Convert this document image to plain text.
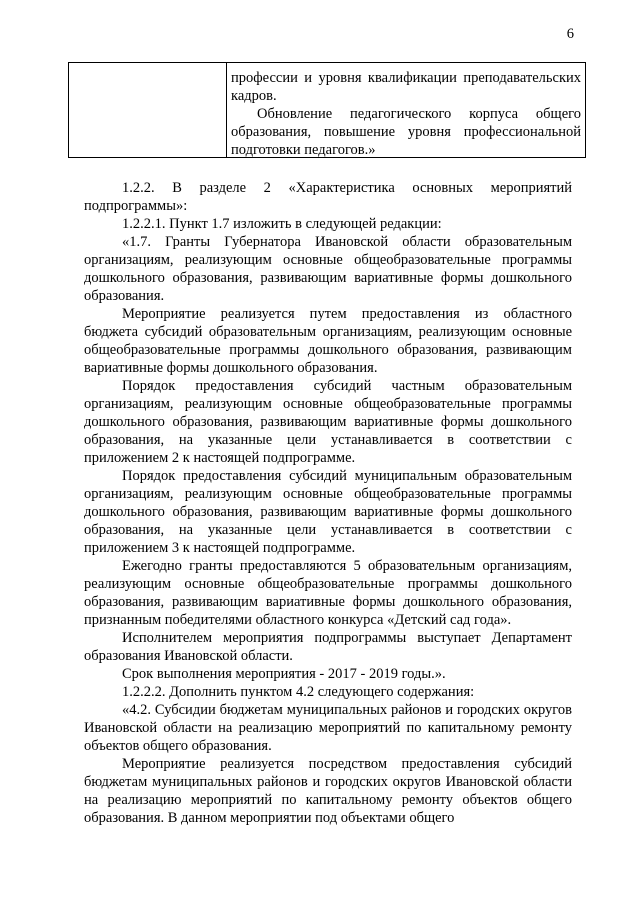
6

профессии и уровня квалификации преподавательских кадров.

Обновление педагогического корпуса общего образования, повышение уровня профессиональной подготовки педагогов.»

1.2.2. В разделе 2 «Характеристика основных мероприятий подпрограммы»:

1.2.2.1. Пункт 1.7 изложить в следующей редакции:

«1.7. Гранты Губернатора Ивановской области образовательным организациям, реализующим основные общеобразовательные программы дошкольного образования, развивающим вариативные формы дошкольного образования.

Мероприятие реализуется путем предоставления из областного бюджета субсидий образовательным организациям, реализующим основные общеобразовательные программы дошкольного образования, развивающим вариативные формы дошкольного образования.

Порядок предоставления субсидий частным образовательным организациям, реализующим основные общеобразовательные программы дошкольного образования, развивающим вариативные формы дошкольного образования, на указанные цели устанавливается в соответствии с приложением 2 к настоящей подпрограмме.

Порядок предоставления субсидий муниципальным образовательным организациям, реализующим основные общеобразовательные программы дошкольного образования, развивающим вариативные формы дошкольного образования, на указанные цели устанавливается в соответствии с приложением 3 к настоящей подпрограмме.

Ежегодно гранты предоставляются 5 образовательным организациям, реализующим основные общеобразовательные программы дошкольного образования, развивающим вариативные формы дошкольного образования, признанным победителями областного конкурса «Детский сад года».

Исполнителем мероприятия подпрограммы выступает Департамент образования Ивановской области.

Срок выполнения мероприятия - 2017 - 2019 годы.».

1.2.2.2. Дополнить пунктом 4.2 следующего содержания:

«4.2. Субсидии бюджетам муниципальных районов и городских округов Ивановской области на реализацию мероприятий по капитальному ремонту объектов общего образования.

Мероприятие реализуется посредством предоставления субсидий бюджетам муниципальных районов и городских округов Ивановской области на реализацию мероприятий по капитальному ремонту объектов общего образования. В данном мероприятии под объектами общего
